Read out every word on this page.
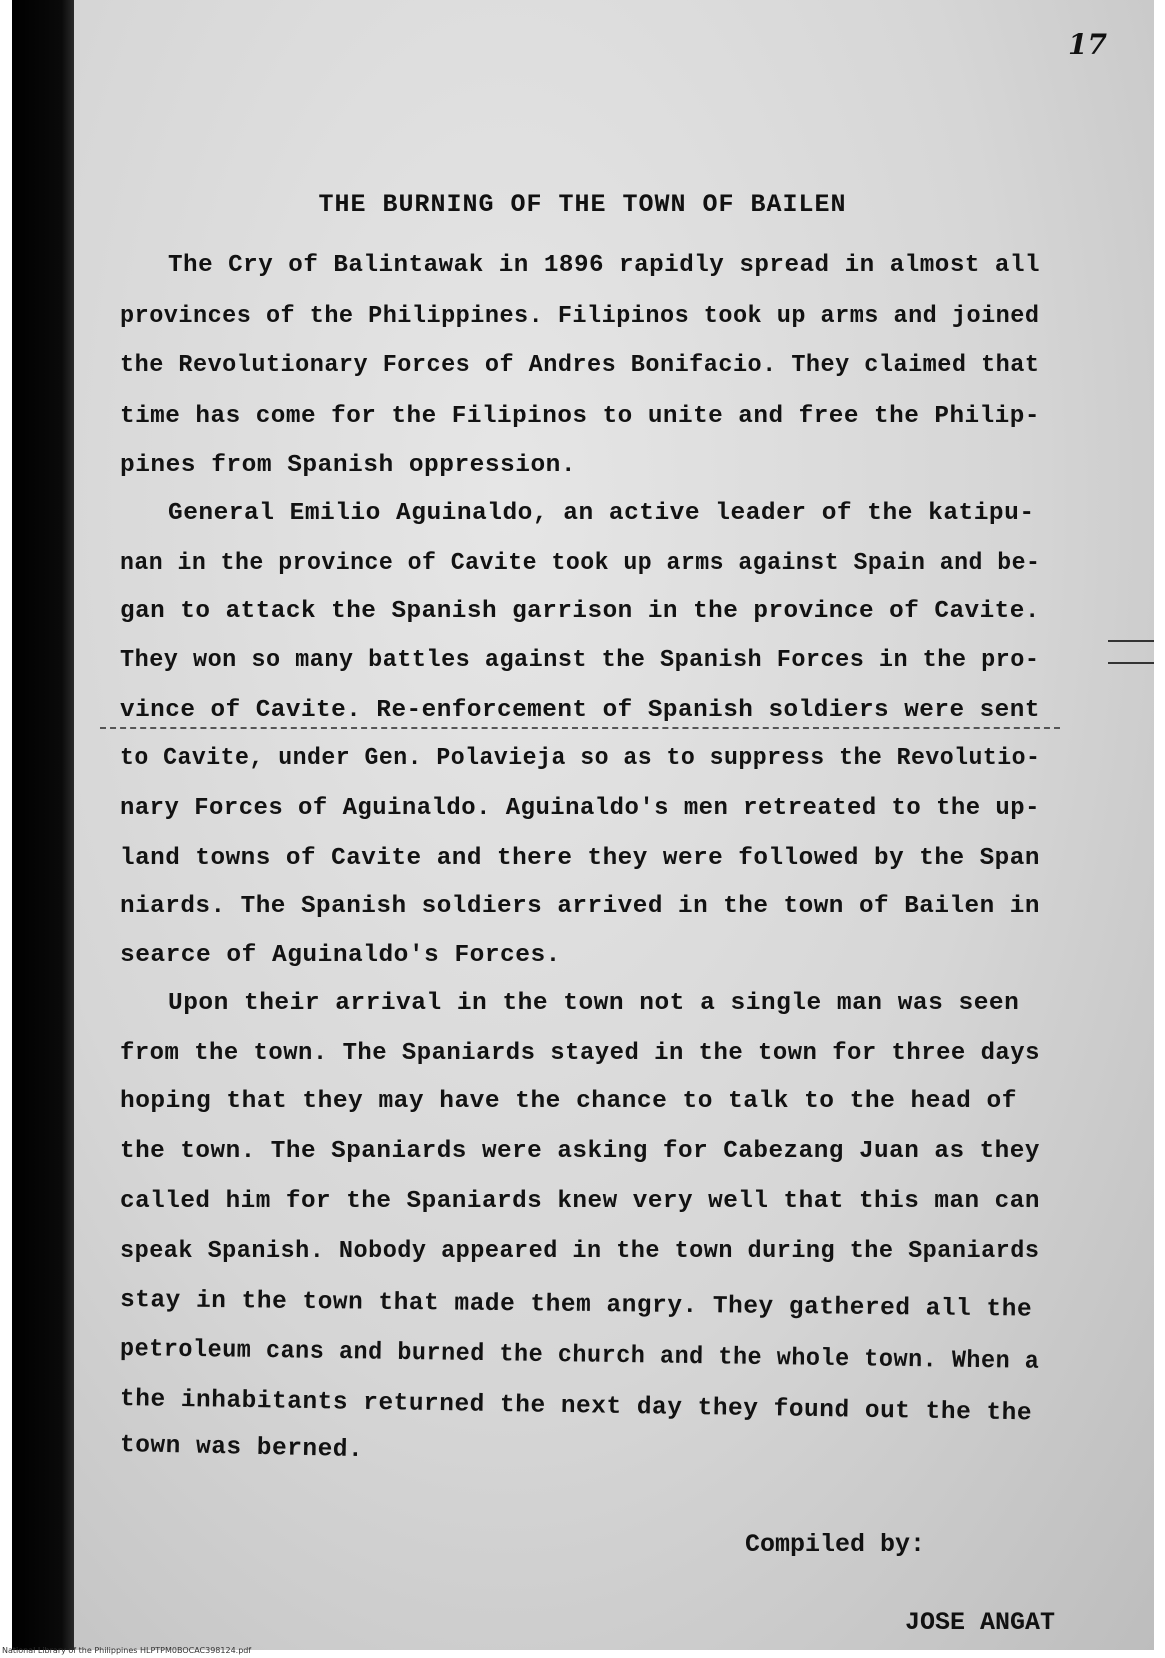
17
THE BURNING OF THE TOWN OF BAILEN
The Cry of Balintawak in 1896 rapidly spread in almost all
provinces of the Philippines. Filipinos took up arms and joined
the Revolutionary Forces of Andres Bonifacio. They claimed that
time has come for the Filipinos to unite and free the Philip-
pines from Spanish oppression.
General Emilio Aguinaldo, an active leader of the katipu-
nan in the province of Cavite took up arms against Spain and be-
gan to attack the Spanish garrison in the province of Cavite.
They won so many battles against the Spanish Forces in the pro-
vince of Cavite. Re-enforcement of Spanish soldiers were sent
to Cavite, under Gen. Polavieja so as to suppress the Revolutio-
nary Forces of Aguinaldo. Aguinaldo's men retreated to the up-
land towns of Cavite and there they were followed by the Span
niards. The Spanish soldiers arrived in the town of Bailen in
searce of Aguinaldo's Forces.
Upon their arrival in the town not a single man was seen
from the town. The Spaniards stayed in the town for three days
hoping that they may have the chance to talk to the head of
the town. The Spaniards were asking for Cabezang Juan as they
called him for the Spaniards knew very well that this man can
speak Spanish. Nobody appeared in the town during the Spaniards
stay in the town that made them angry. They gathered all the
petroleum cans and burned the church and the whole town. When a
the inhabitants returned the next day they found out the the
town was berned.
Compiled by:
JOSE ANGAT
National Library of the Philippines HLPTPM0BOCAC398124.pdf
